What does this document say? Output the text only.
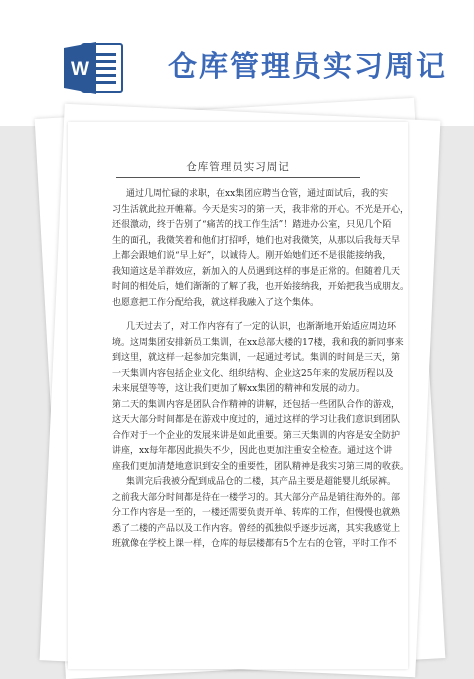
W	仓库管理员实习周记
仓库管理员实习周记
通过几周忙碌的求职，在xx集团应聘当仓管，通过面试后，我的实
习生活就此拉开帷幕。今天是实习的第一天，我非常的开心。不光是开心，
还很激动，终于告别了“痛苦的找工作生活”！踏进办公室，只见几个陌
生的面孔，我微笑着和他们打招呼，她们也对我微笑，从那以后我每天早
上都会跟她们说“早上好”，以诚待人。刚开始她们还不是很能接纳我，
我知道这是羊群效应，新加入的人员遇到这样的事是正常的。但随着几天
时间的相处后，她们渐渐的了解了我，也开始接纳我，开始把我当成朋友。
也愿意把工作分配给我，就这样我融入了这个集体。
几天过去了，对工作内容有了一定的认识，也渐渐地开始适应周边环
境。这周集团安排新员工集训，在xx总部大楼的17楼，我和我的新同事来
到这里，就这样一起参加完集训，一起通过考试。集训的时间是三天，第
一天集训内容包括企业文化、组织结构、企业这25年来的发展历程以及
未来展望等等，这让我们更加了解xx集团的精神和发展的动力。
第二天的集训内容是团队合作精神的讲解，还包括一些团队合作的游戏，
这天大部分时间都是在游戏中度过的，通过这样的学习让我们意识到团队
合作对于一个企业的发展来讲是如此重要。第三天集训的内容是安全防护
讲座，xx每年都因此损失不少，因此也更加注重安全检查。通过这个讲
座我们更加清楚地意识到安全的重要性，团队精神是我实习第三周的收获。
集训完后我被分配到成品仓的二楼，其产品主要是超能婴儿纸尿裤。
之前我大部分时间都是待在一楼学习的。其大部分产品是销往海外的。部
分工作内容是一至的，一楼还需要负责开单、转库的工作，但慢慢也就熟
悉了二楼的产品以及工作内容。曾经的孤独似乎逐步远离，其实我感觉上
班就像在学校上课一样，仓库的每层楼都有5个左右的仓管，平时工作不
